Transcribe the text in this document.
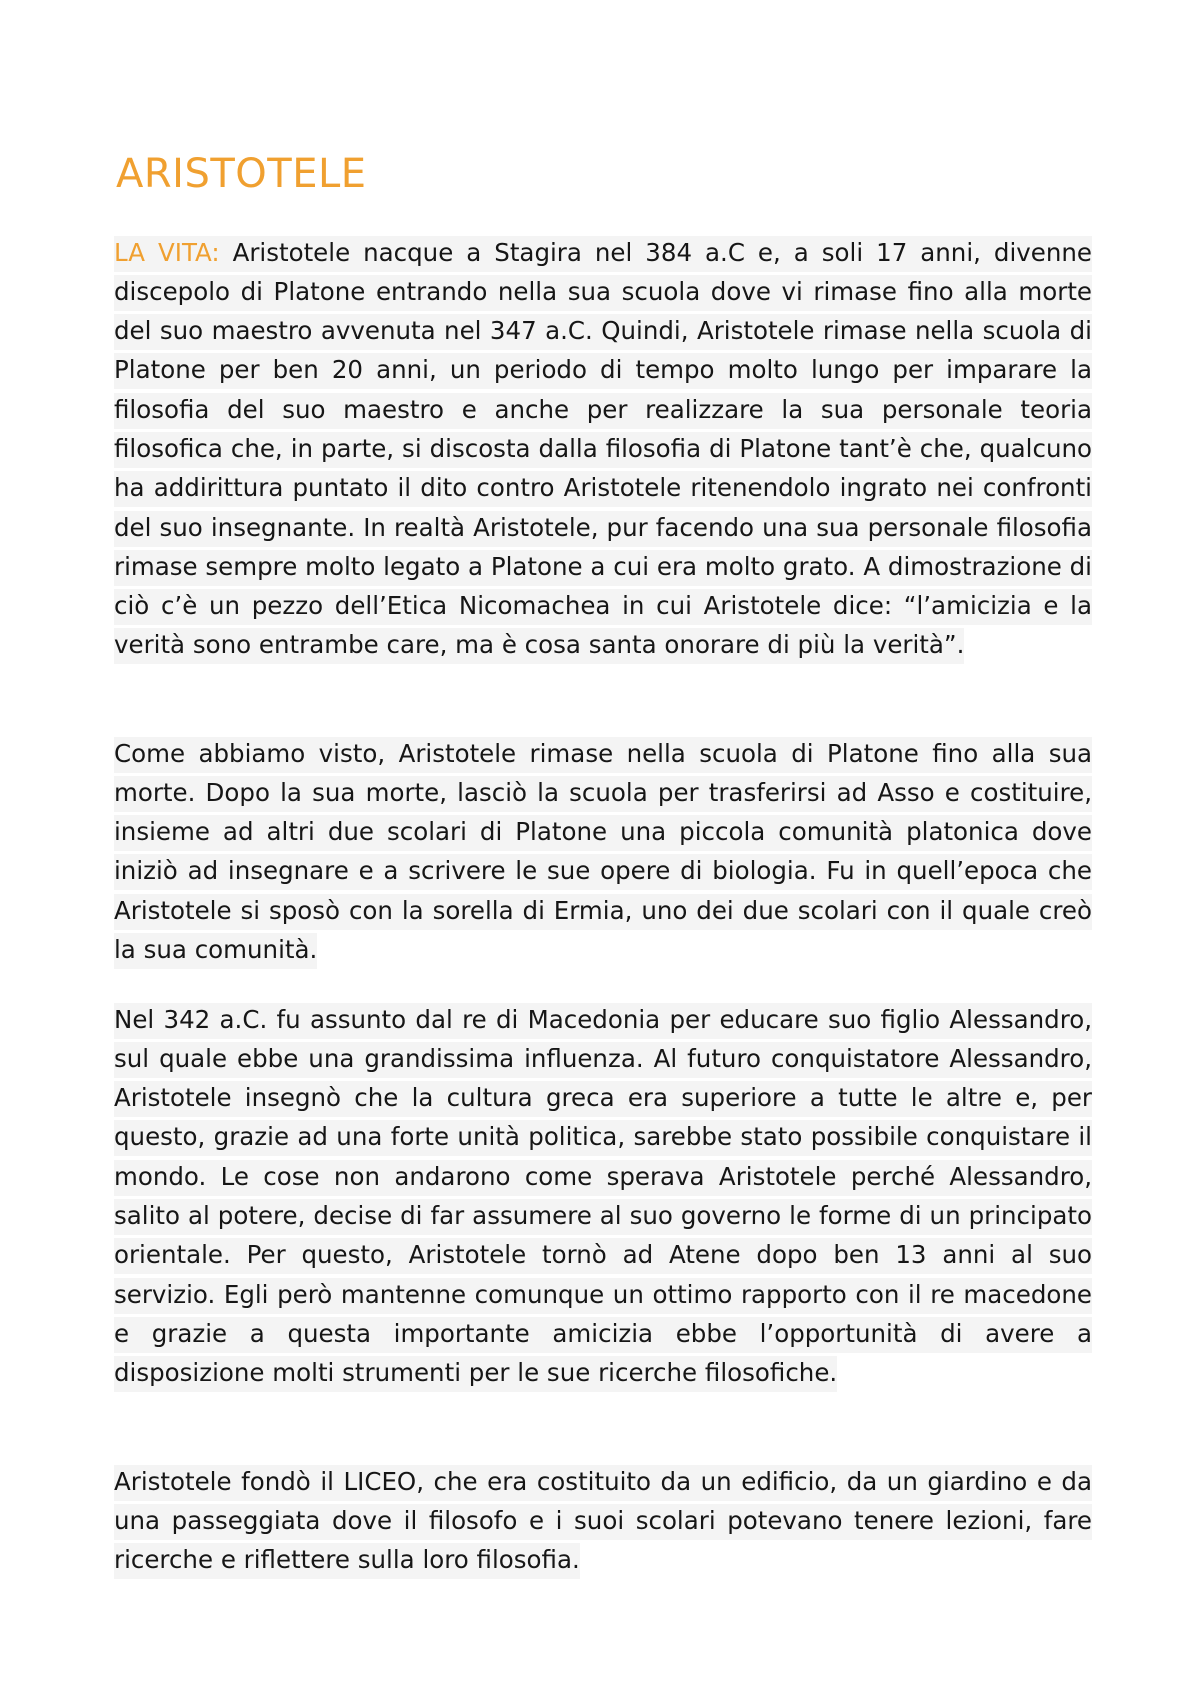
ARISTOTELE

LA VITA: Aristotele nacque a Stagira nel 384 a.C e, a soli 17 anni, divenne discepolo di Platone entrando nella sua scuola dove vi rimase fino alla morte del suo maestro avvenuta nel 347 a.C. Quindi, Aristotele rimase nella scuola di Platone per ben 20 anni, un periodo di tempo molto lungo per imparare la filosofia del suo maestro e anche per realizzare la sua personale teoria filosofica che, in parte, si discosta dalla filosofia di Platone tant’è che, qualcuno ha addirittura puntato il dito contro Aristotele ritenendolo ingrato nei confronti del suo insegnante. In realtà Aristotele, pur facendo una sua personale filosofia rimase sempre molto legato a Platone a cui era molto grato. A dimostrazione di ciò c’è un pezzo dell’Etica Nicomachea in cui Aristotele dice: “l’amicizia e la verità sono entrambe care, ma è cosa santa onorare di più la verità”.

Come abbiamo visto, Aristotele rimase nella scuola di Platone fino alla sua morte. Dopo la sua morte, lasciò la scuola per trasferirsi ad Asso e costituire, insieme ad altri due scolari di Platone una piccola comunità platonica dove iniziò ad insegnare e a scrivere le sue opere di biologia. Fu in quell’epoca che Aristotele si sposò con la sorella di Ermia, uno dei due scolari con il quale creò la sua comunità.

Nel 342 a.C. fu assunto dal re di Macedonia per educare suo figlio Alessandro, sul quale ebbe una grandissima influenza. Al futuro conquistatore Alessandro, Aristotele insegnò che la cultura greca era superiore a tutte le altre e, per questo, grazie ad una forte unità politica, sarebbe stato possibile conquistare il mondo. Le cose non andarono come sperava Aristotele perché Alessandro, salito al potere, decise di far assumere al suo governo le forme di un principato orientale. Per questo, Aristotele tornò ad Atene dopo ben 13 anni al suo servizio. Egli però mantenne comunque un ottimo rapporto con il re macedone e grazie a questa importante amicizia ebbe l’opportunità di avere a disposizione molti strumenti per le sue ricerche filosofiche.

Aristotele fondò il LICEO, che era costituito da un edificio, da un giardino e da una passeggiata dove il filosofo e i suoi scolari potevano tenere lezioni, fare ricerche e riflettere sulla loro filosofia.
